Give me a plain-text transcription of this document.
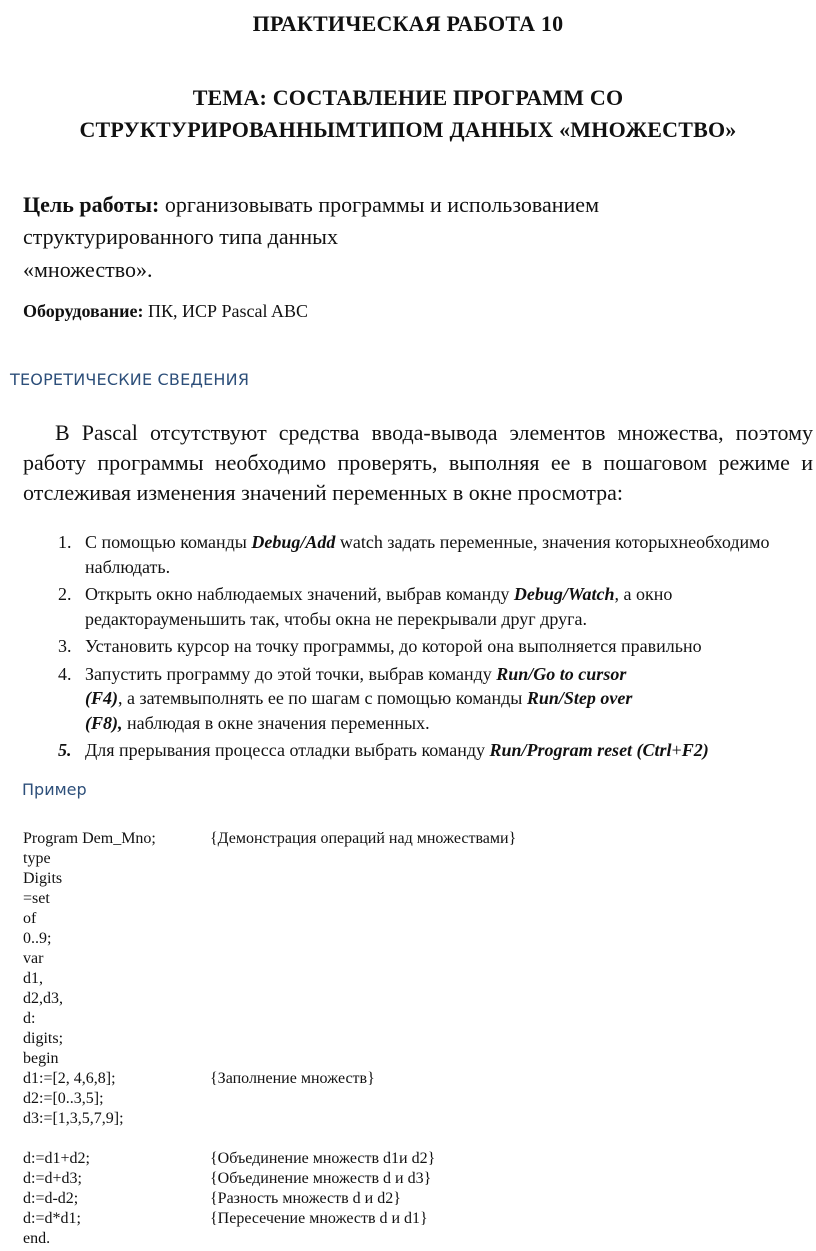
ПРАКТИЧЕСКАЯ РАБОТА 10
ТЕМА: СОСТАВЛЕНИЕ ПРОГРАММ СО
СТРУКТУРИРОВАННЫМТИПОМ ДАННЫХ «МНОЖЕСТВО»
Цель работы: организовывать программы и использованием
структурированного типа данных
«множество».
Оборудование: ПК, ИСР Pascal ABC
ТЕОРЕТИЧЕСКИЕ СВЕДЕНИЯ
В Pascal отсутствуют средства ввода-вывода элементов множества, поэтому работу программы необходимо проверять, выполняя ее в пошаговом режиме и отслеживая изменения значений переменных в окне просмотра:
1. С помощью команды Debug/Add watch задать переменные, значения которыхнеобходимо наблюдать.
2. Открыть окно наблюдаемых значений, выбрав команду Debug/Watch, а окно редакторауменьшить так, чтобы окна не перекрывали друг друга.
3. Установить курсор на точку программы, до которой она выполняется правильно
4. Запустить программу до этой точки, выбрав команду Run/Go to cursor
(F4), а затемвыполнять ее по шагам с помощью команды Run/Step over
(F8), наблюдая в окне значения переменных.
5. Для прерывания процесса отладки выбрать команду Run/Program reset (Ctrl+F2)
Пример
Program Dem_Mno;	{Демонстрация операций над множествами}
type
Digits
=set
of
0..9;
var
d1,
d2,d3,
d:
digits;
begin
d1:=[2, 4,6,8];	{Заполнение множеств}
d2:=[0..3,5];
d3:=[1,3,5,7,9];
d:=d1+d2;	{Объединение множеств d1и d2}
d:=d+d3;	{Объединение множеств d и d3}
d:=d-d2;	{Разность множеств d и d2}
d:=d*d1;	{Пересечение множеств d и d1}
end.
